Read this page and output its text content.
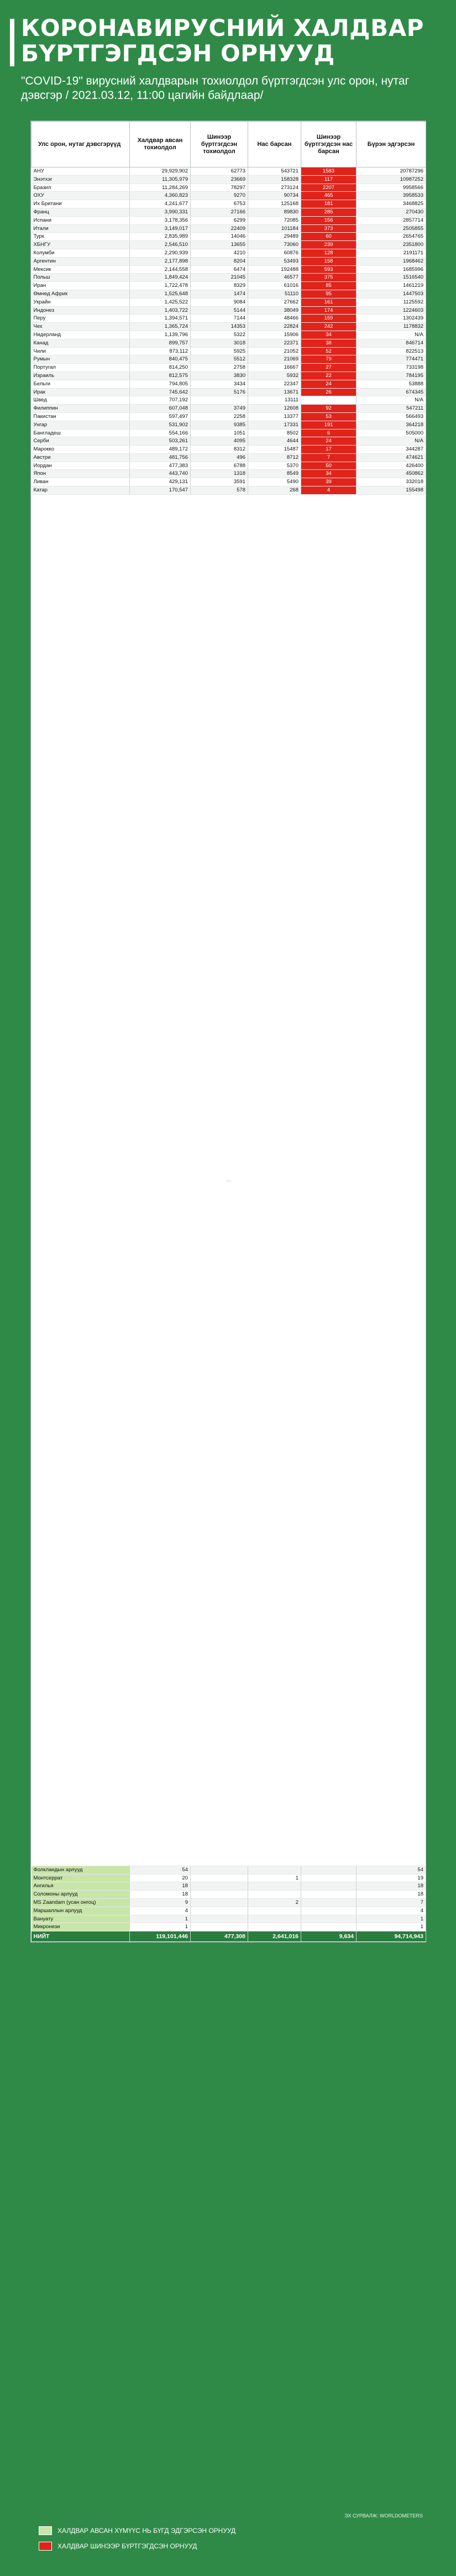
КОРОНАВИРУСНИЙ ХАЛДВАР
БҮРТГЭГДСЭН ОРНУУД
"COVID-19" вирусний халдварын тохиолдол бүртгэгдсэн улс орон, нутаг дэвсгэр / 2021.03.12, 11:00 цагийн байдлаар/
Улс орон, нутаг дэвсгэрүүд	Халдвар авсан тохиолдол	Шинээр бүртгэгдсэн тохиолдол	Нас барсан	Шинээр бүртгэгдсэн нас барсан	Бүрэн эдгэрсэн
АНУ	29,929,902	62773	543721	1583	20787296
Энэтхэг	11,305,979	23669	158328	117	10987252
Бразил	11,284,269	78297	273124	2207	9958566
ОХУ	4,360,823	9270	90734	465	3958533
Их Британи	4,241,677	6753	125168	181	3468825
Франц	3,990,331	27166	89830	285	270430
Испани	3,178,356	6299	72085	156	2857714
Итали	3,149,017	22409	101184	373	2505855
Турк	2,835,989	14046	29489	60	2654765
ХБНГУ	2,546,510	13655	73060	239	2351800
Колумби	2,290,939	4210	60876	128	2191171
Аргентин	2,177,898	8204	53493	158	1968462
Мексик	2,144,558	6474	192488	593	1685996
Польш	1,849,424	21045	46577	375	1516540
Иран	1,722,478	8329	61016	85	1461219
Өмнөд Африк	1,525,648	1474	51110	95	1447503
Украйн	1,425,522	9084	27662	161	1125592
Индонез	1,403,722	5144	38049	174	1224603
Перу	1,394,571	7144	48466	159	1302439
Чех	1,365,724	14353	22824	242	1178832
Нидерланд	1,139,796	5322	15906	34	N/A
Канад	899,757	3018	22371	38	846714
Чили	873,112	5925	21052	52	822513
Румын	840,475	5512	21069	79	774471
Португал	814,250	2758	16667	27	733198
Израиль	812,575	3830	5932	22	784195
Бельги	794,805	3434	22347	24	53888
Ирак	745,642	5176	13671	26	674345
Швед	707,192		13111		N/A
Филиппин	607,048	3749	12608	92	547211
Пакистан	597,497	2258	13377	53	566493
Унгар	531,902	9385	17331	191	364218
Бангладеш	554,166	1051	8502	6	505000
Серби	503,261	4095	4644	24	N/A
Марокко	489,172	8312	15487	17	344287
Австри	481,756	496	8712	7	474621
Иордан	477,383	6788	5370	50	426400
Япон	443,740	1318	8549	34	450862
Ливан	429,131	3591	5490	39	332018
Катар	170,547	578	268	4	155498
…					
Фолкландын арлууд	54				54
Монтсеррат	20		1		19
Ангилья	18				18
Соломоны арлууд	18				18
MS Zaandam (усан онгоц)	9		2		7
Маршаллын арлууд	4				4
Вануату	1				1
Микронези	1				1
НИЙТ	119,101,446	477,308	2,641,016	9,634	94,714,943
ЭХ СУРВАЛЖ: WORLDOMETERS
ХАЛДВАР АВСАН ХҮМҮҮС НЬ БҮГД ЭДГЭРСЭН ОРНУУД
ХАЛДВАР ШИНЭЭР БҮРТГЭГДСЭН ОРНУУД
